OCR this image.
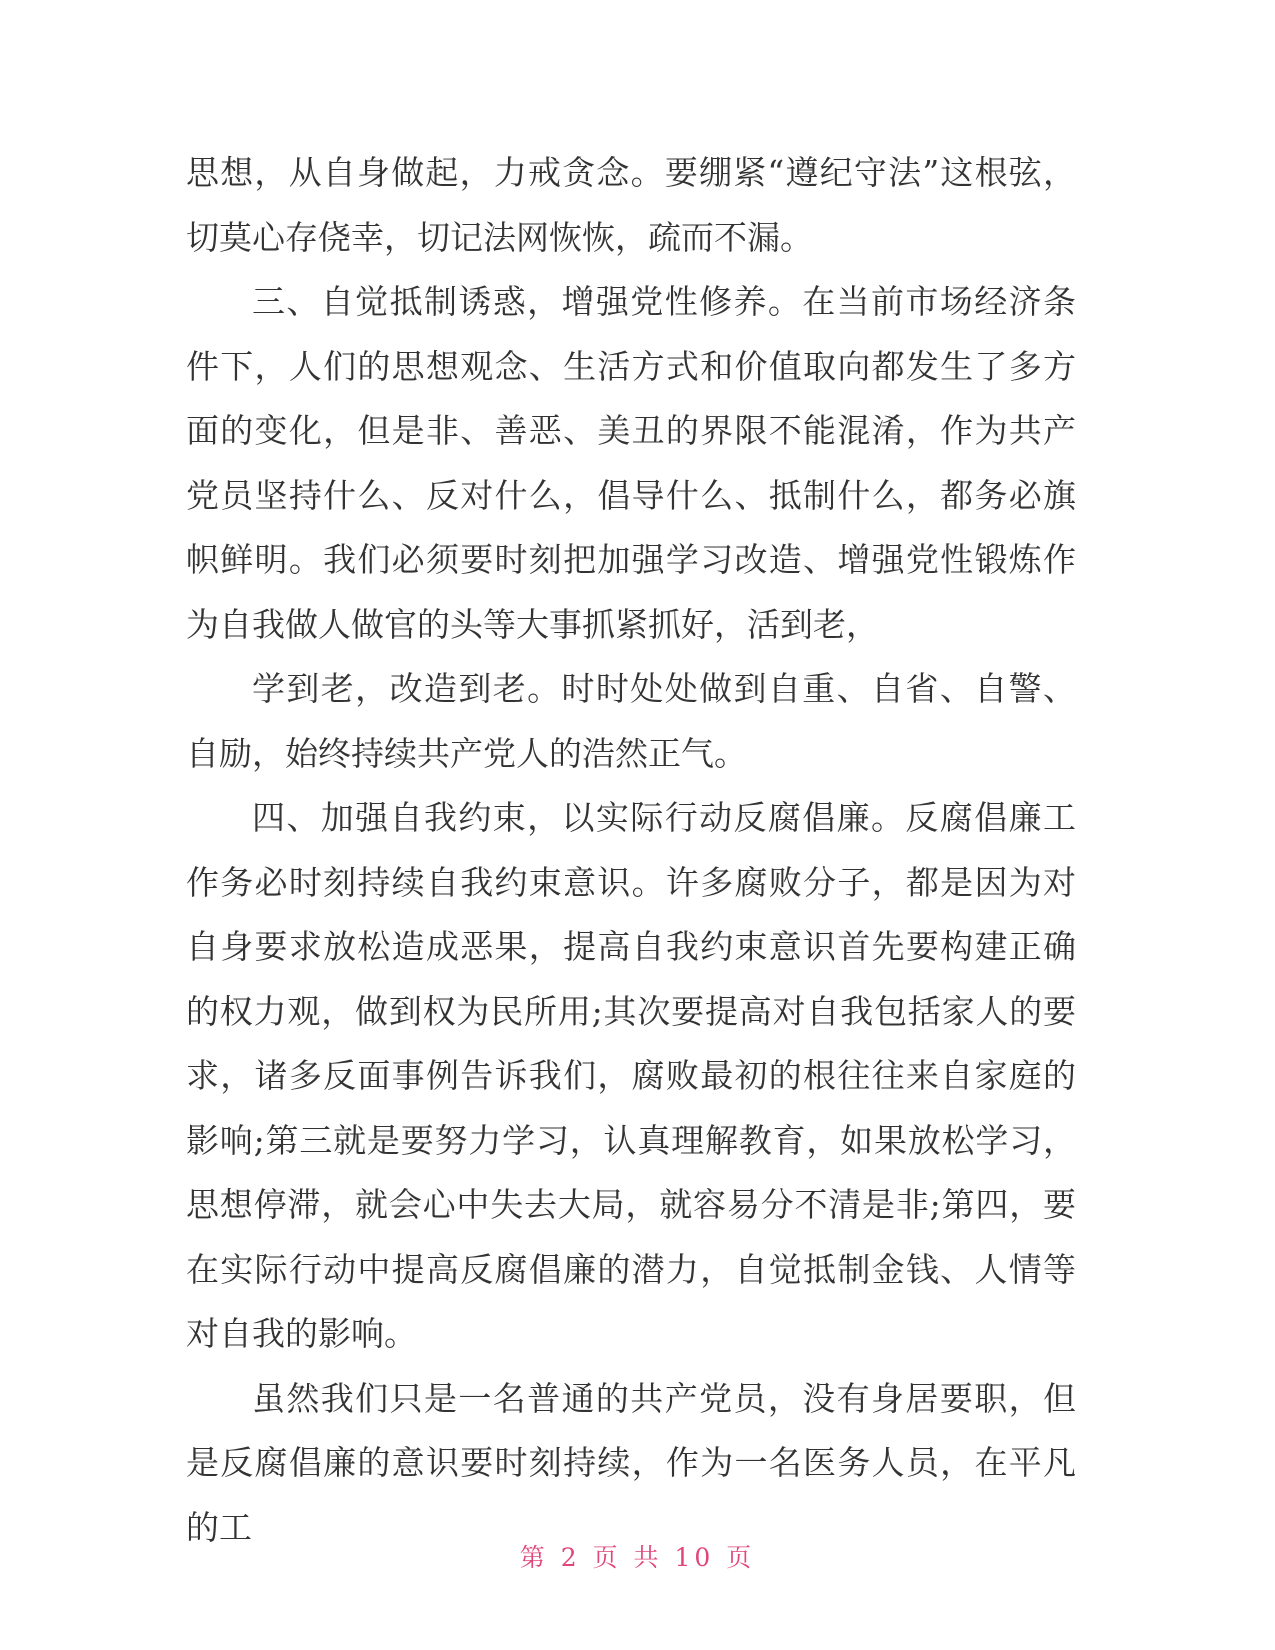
思想，从自身做起，力戒贪念。要绷紧“遵纪守法”这根弦，切莫心存侥幸，切记法网恢恢，疏而不漏。

三、自觉抵制诱惑，增强党性修养。在当前市场经济条件下，人们的思想观念、生活方式和价值取向都发生了多方面的变化，但是非、善恶、美丑的界限不能混淆，作为共产党员坚持什么、反对什么，倡导什么、抵制什么，都务必旗帜鲜明。我们必须要时刻把加强学习改造、增强党性锻炼作为自我做人做官的头等大事抓紧抓好，活到老，

学到老，改造到老。时时处处做到自重、自省、自警、自励，始终持续共产党人的浩然正气。

四、加强自我约束，以实际行动反腐倡廉。反腐倡廉工作务必时刻持续自我约束意识。许多腐败分子，都是因为对自身要求放松造成恶果，提高自我约束意识首先要构建正确的权力观，做到权为民所用;其次要提高对自我包括家人的要求，诸多反面事例告诉我们，腐败最初的根往往来自家庭的影响;第三就是要努力学习，认真理解教育，如果放松学习，思想停滞，就会心中失去大局，就容易分不清是非;第四，要在实际行动中提高反腐倡廉的潜力，自觉抵制金钱、人情等对自我的影响。

虽然我们只是一名普通的共产党员，没有身居要职，但是反腐倡廉的意识要时刻持续，作为一名医务人员，在平凡的工

第 2 页 共 10 页
